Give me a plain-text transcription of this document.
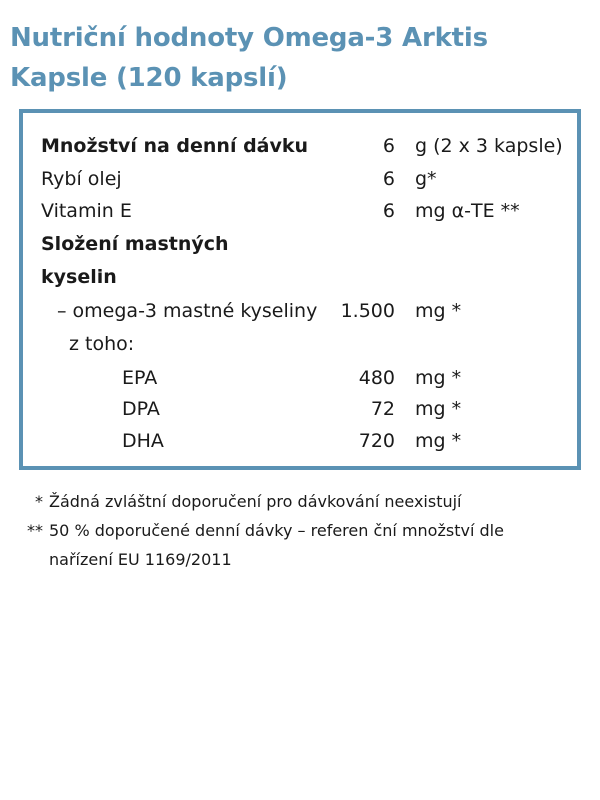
Nutriční hodnoty Omega-3 Arktis Kapsle (120 kapslí)
Množství na denní dávku	6 g (2 x 3 kapsle)
Rybí olej	6 g*
Vitamin E	6 mg α-TE **
Složení mastných
kyselin
– omega-3 mastné kyseliny 1.500 mg *
z toho:
EPA	480 mg *
DPA	72 mg *
DHA	720 mg *
* Žádná zvláštní doporučení pro dávkování neexistují
** 50 % doporučené denní dávky – referen ční množství dle
nařízení EU 1169/2011
